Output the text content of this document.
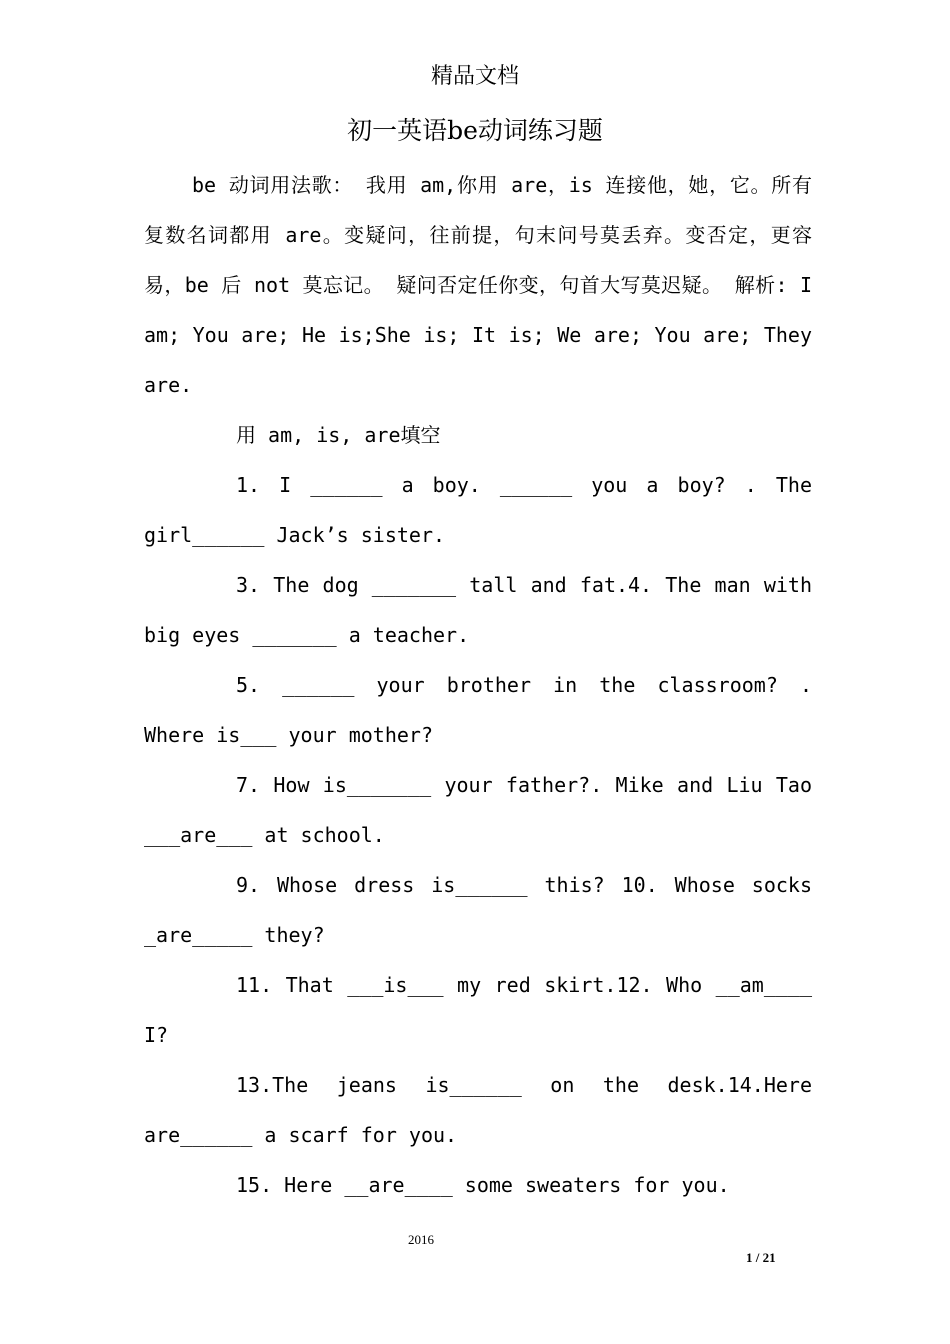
精品文档
初一英语be动词练习题

be 动词用法歌： 我用 am,你用 are，is 连接他，她，它。所有复数名词都用 are。变疑问，往前提，句末问号莫丢弃。变否定，更容易，be 后 not 莫忘记。 疑问否定任你变，句首大写莫迟疑。 解析: I am; You are; He is;She is; It is; We are; You are; They are.

用 am, is, are填空

1. I ______ a boy. ______ you a boy? . The girl______ Jack’s sister.

3. The dog _______ tall and fat.4. The man with big eyes _______ a teacher.

5. ______ your brother in the classroom? . Where is___ your mother?

7. How is_______ your father?. Mike and Liu Tao ___are___ at school.

9. Whose dress is______ this? 10. Whose socks _are_____ they?

11. That ___is___ my red skirt.12. Who __am____ I?

13.The jeans is______ on the desk.14.Here are______ a scarf for you.

15. Here __are____ some sweaters for you.

2016
1 / 21
